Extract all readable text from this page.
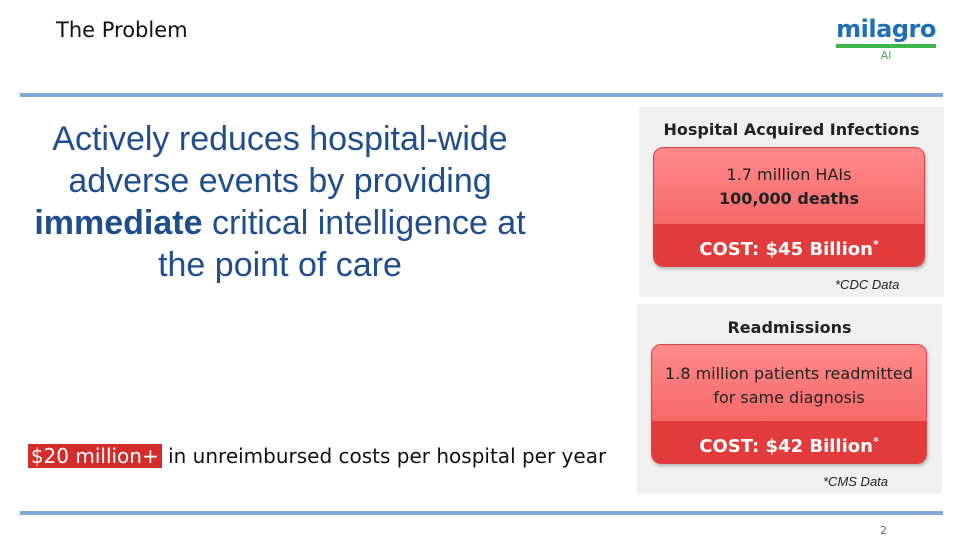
The Problem	milagro
AI
Actively reduces hospital-wide adverse events by providing immediate critical intelligence at the point of care
$20 million+ in unreimbursed costs per hospital per year
Hospital Acquired Infections
1.7 million HAIs
100,000 deaths
COST: $45 Billion*
*CDC Data
Readmissions
1.8 million patients readmitted
for same diagnosis
COST: $42 Billion*
*CMS Data
2
